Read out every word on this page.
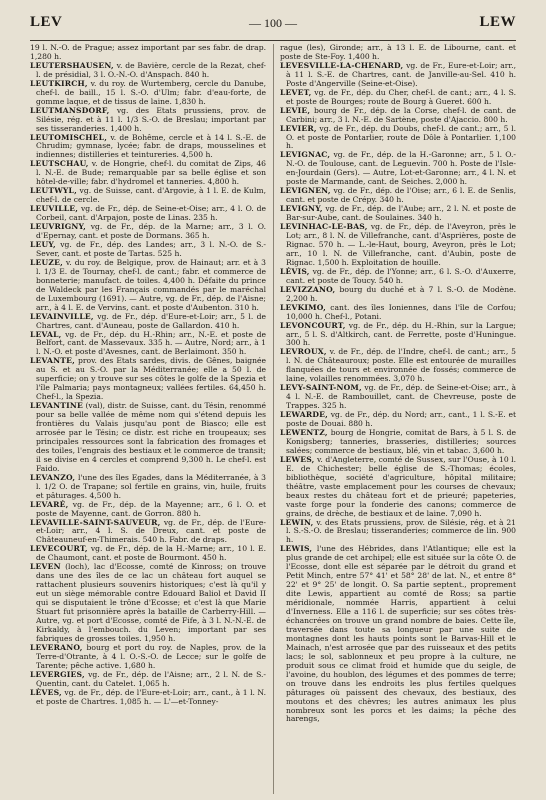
LEV	— 100 —	LEW

19 l. N.-O. de Prague; assez important par ses fabr. de drap. 1,280 h.

LEUTERSHAUSEN, v. de Bavière, cercle de la Rezat, chef-l. de présidial, 3 l. O.-N.-O. d'Anspach. 840 h.

LEUTKIRCH, v. du roy. de Wurtemberg, cercle du Danube, chef-l. de baill., 15 l. S.-O. d'Ulm; fabr. d'eau-forte, de gomme laque, et de tissus de laine. 1,830 h.

LEUTMANSDORF, vg. des Etats prussiens, prov. de Silésie, rég. et à 11 l. 1/3 S.-O. de Breslau; important par ses tisseranderies. 1,400 h.

LEUTOMISCHEL, v. de Bohême, cercle et à 14 l. S.-E. de Chrudim; gymnase, lycée; fabr. de draps, mousselines et indiennes; distilleries et teintureries. 4,500 h.

LEUTSCHAU, v. de Hongrie, chef-l. du comitat de Zips, 46 l. N.-E. de Bude; remarquable par sa belle église et son hôtel-de-ville; fabr. d'hydromel et tanneries. 4,800 h.

LEUTWYL, vg. de Suisse, cant. d'Argovie, à 1 l. E. de Kulm, chef-l. de cercle.

LEUVILLE, vg. de Fr., dép. de Seine-et-Oise; arr., 4 l. O. de Corbeil, cant. d'Arpajon, poste de Linas. 235 h.

LEUVRIGNY, vg. de Fr., dép. de la Marne; arr., 3 l. O. d'Epernay, cant. et poste de Dormans. 365 h.

LEUY, vg. de Fr., dép. des Landes; arr., 3 l. N.-O. de S.-Sever, cant. et poste de Tartas. 525 h.

LEUZE, v. du roy. de Belgique, prov. de Hainaut; arr. et à 3 l. 1/3 E. de Tournay, chef-l. de cant.; fabr. et commerce de bonneterie; manufact. de toiles. 4,400 h. Défaite du prince de Waldeck par les Français commandés par le maréchal de Luxembourg (1691). — Autre, vg. de Fr., dép. de l'Aisne; arr., à 4 l. E. de Vervins, cant. et poste d'Aubenton. 310 h.

LEVAINVILLE, vg. de Fr., dép. d'Eure-et-Loir; arr., 5 l. de Chartres, cant. d'Auneau, poste de Gallardon. 410 h.

LEVAL, vg. de Fr., dép. du H.-Rhin; arr., N.-E. et poste de Belfort, cant. de Massevaux. 335 h. — Autre, Nord; arr., à 1 l. N.-O. et poste d'Avesnes, cant. de Berlaimont. 350 h.

LEVANTE, prov. des Etats sardes, divis. de Gênes, baignée au S. et au S.-O. par la Méditerranée; elle a 50 l. de superficie; on y trouve sur ses côtes le golfe de la Spezia et l'île Palmaria; pays montagneux; vallées fertiles. 64,450 h. Chef-l., la Spezia.

LEVANTINE (val), distr. de Suisse, cant. du Tésin, renommé pour sa belle vallée de même nom qui s'étend depuis les frontières du Valais jusqu'au pont de Biasco; elle est arrosée par le Tésin; ce distr. est riche en troupeaux; ses principales ressources sont la fabrication des fromages et des toiles, l'engrais des bestiaux et le commerce de transit; il se divise en 4 cercles et comprend 9,300 h. Le chef-l. est Faido.

LEVANZO, l'une des îles Egades, dans la Méditerranée, à 3 l. 1/2 O. de Trapane; sol fertile en grains, vin, huile, fruits et pâturages. 4,500 h.

LEVARÉ, vg. de Fr., dép. de la Mayenne; arr., 6 l. O. et poste de Mayenne, cant. de Gorron. 880 h.

LEVAVILLE-SAINT-SAUVEUR, vg. de Fr., dép. de l'Eure-et-Loir; arr., 4 l. S. de Dreux, cant. et poste de Châteauneuf-en-Thimerais. 540 h. Fabr. de draps.

LEVECOURT, vg. de Fr., dép. de la H.-Marne; arr., 10 l. E. de Chaumont, cant. et poste de Bourmont. 450 h.

LEVEN (loch), lac d'Ecosse, comté de Kinross; on trouve dans une des îles de ce lac un château fort auquel se rattachent plusieurs souvenirs historiques; c'est là qu'il y eut un siège mémorable contre Edouard Baliol et David II qui se disputaient le trône d'Ecosse; et c'est là que Marie Stuart fut prisonnière après la bataille de Carberry-Hill. — Autre, vg. et port d'Ecosse, comté de Fife, à 3 l. N.-N.-E. de Kirkaldy, à l'embouch. du Leven; important par ses fabriques de grosses toiles. 1,950 h.

LEVERANO, bourg et port du roy. de Naples, prov. de la Terre-d'Otrante, à 4 l. O.-S.-O. de Lecce; sur le golfe de Tarente; pêche active. 1,680 h.

LEVERGIES, vg. de Fr., dép. de l'Aisne; arr., 2 l. N. de S.-Quentin, cant. du Catelet. 1,065 h.

LÈVES, vg. de Fr., dép. de l'Eure-et-Loir; arr., cant., à 1 l. N. et poste de Chartres. 1,085 h. — L'—et-Tonney-

rague (les), Gironde; arr., à 13 l. E. de Libourne, cant. et poste de Ste-Foy. 1,400 h.

LEVESVILLE-LA-CHENARD, vg. de Fr., Eure-et-Loir; arr., à 11 l. S.-E. de Chartres, cant. de Janville-au-Sel. 410 h. Poste d'Angerville (Seine-et-Oise).

LEVET, vg. de Fr., dép. du Cher, chef-l. de cant.; arr., 4 l. S. et poste de Bourges; route de Bourg à Gueret. 600 h.

LEVIE, bourg de Fr., dép. de la Corse, chef-l. de cant. de Carbini; arr., 3 l. N.-E. de Sartène, poste d'Ajaccio. 800 h.

LEVIER, vg. de Fr., dép. du Doubs, chef-l. de cant.; arr., 5 l. O. et poste de Pontarlier, route de Dôle à Pontarlier. 1,100 h.

LEVIGNAC, vg. de Fr., dép. de la H.-Garonne; arr., 5 l. O.-N.-O. de Toulouse, cant. de Leguevin. 700 h. Poste de l'Isle-en-Jourdain (Gers). — Autre, Lot-et-Garonne; arr., 4 l. N. et poste de Marmande, cant. de Seiches. 2,000 h.

LEVIGNEN, vg. de Fr., dép. de l'Oise; arr., 6 l. E. de Senlis, cant. et poste de Crépy. 340 h.

LEVIGNY, vg. de Fr., dép. de l'Aube; arr., 2 l. N. et poste de Bar-sur-Aube, cant. de Soulaines. 340 h.

LEVINHAC-LE-BAS, vg. de Fr., dép. de l'Aveyron, près le Lot; arr., 8 l. N. de Villefranche, cant. d'Asprières, poste de Rignac. 570 h. — L.-le-Haut, bourg, Aveyron, près le Lot; arr., 10 l. N. de Villefranche, cant. d'Aubin, poste de Rignac. 1,500 h. Exploitation de houille.

LÉVIS, vg. de Fr., dép. de l'Yonne; arr., 6 l. S.-O. d'Auxerre, cant. et poste de Toucy. 540 h.

LEVIZZANO, bourg du duché et à 7 l. S.-O. de Modène. 2,200 h.

LEVKIMO, cant. des îles Ioniennes, dans l'île de Corfou; 10,000 h. Chef-l., Potani.

LEVONCOURT, vg. de Fr., dép. du H.-Rhin, sur la Largue; arr., 5 l. S. d'Altkirch, cant. de Ferrette, poste d'Huningue. 300 h.

LEVROUX, v. de Fr., dép. de l'Indre, chef-l. de cant.; arr., 5 l. N. de Châteauroux; poste. Elle est entourée de murailles flanquées de tours et environnée de fossés; commerce de laine, volailles renommées. 3,070 h.

LEVY-SAINT-NOM, vg. de Fr., dép. de Seine-et-Oise; arr., à 4 l. N.-E. de Rambouillet, cant. de Chevreuse, poste de Trappes. 325 h.

LEWARDE, vg. de Fr., dép. du Nord; arr., cant., 1 l. S.-E. et poste de Douai. 880 h.

LEWENTZ, bourg de Hongrie, comitat de Bars, à 5 l. S. de Konigsberg; tanneries, brasseries, distilleries; sources salées; commerce de bestiaux, blé, vin et tabac. 3,600 h.

LEWES, v. d'Angleterre, comté de Sussex, sur l'Ouse, à 10 l. E. de Chichester; belle église de S.-Thomas; écoles, bibliothèque, société d'agriculture, hôpital militaire; théâtre, vaste emplacement pour les courses de chevaux; beaux restes du château fort et de prieuré; papeteries, vaste forge pour la fonderie des canons; commerce de grains, de drèche, de bestiaux et de laine. 7,090 h.

LEWIN, v. des Etats prussiens, prov. de Silésie, rég. et à 21 l. S.-S.-O. de Breslau; tisseranderies; commerce de lin. 900 h.

LEWIS, l'une des Hébrides, dans l'Atlantique; elle est la plus grande de cet archipel; elle est située sur la côte O. de l'Ecosse, dont elle est séparée par le détroit du grand et Petit Minch, entre 57° 41' et 58° 28' de lat. N., et entre 8° 22' et 9° 25' de longit. O. Sa partie septent., proprement dite Lewis, appartient au comté de Ross; sa partie méridionale, nommée Harris, appartient à celui d'Inverness. Elle a 116 l. de superficie; sur ses côtes très-échancrées on trouve un grand nombre de baies. Cette île, traversée dans toute sa longueur par une suite de montagnes dont les hauts points sont le Barvas-Hill et le Mainach, n'est arrosée que par des ruisseaux et des petits lacs; le sol, sablonneux et peu propre à la culture, ne produit sous ce climat froid et humide que du seigle, de l'avoine, du houblon, des légumes et des pommes de terre; on trouve dans les endroits les plus fertiles quelques pâturages où paissent des chevaux, des bestiaux, des moutons et des chèvres; les autres animaux les plus nombreux sont les porcs et les daims; la pêche des harengs,
